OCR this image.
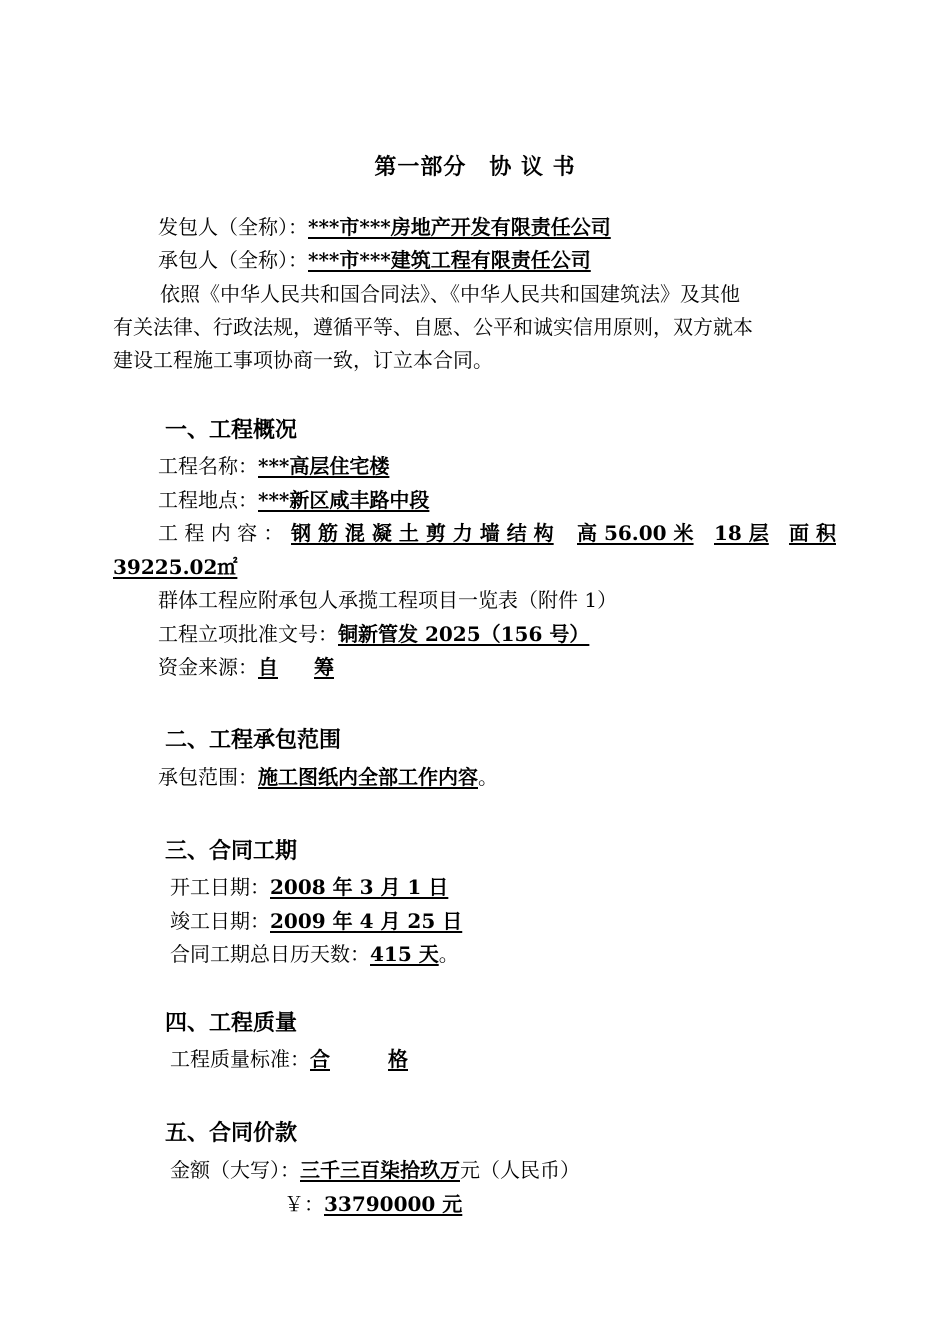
第一部分　协 议 书
发包人（全称）：***市***房地产开发有限责任公司
承包人（全称）：***市***建筑工程有限责任公司
依照《中华人民共和国合同法》、《中华人民共和国建筑法》及其他
有关法律、行政法规，遵循平等、自愿、公平和诚实信用原则，双方就本
建设工程施工事项协商一致，订立本合同。
一、工程概况
工程名称：***高层住宅楼
工程地点：***新区咸丰路中段
工 程 内 容 ： 钢 筋 混 凝 土 剪 力 墙 结 构 高 56.00 米 18 层 面 积
39225.02㎡
群体工程应附承包人承揽工程项目一览表（附件 1）
工程立项批准文号：铜新管发 2025（156 号）
资金来源：自 筹
二、工程承包范围
承包范围：施工图纸内全部工作内容。
三、合同工期
开工日期：2008 年 3 月 1 日
竣工日期：2009 年 4 月 25 日
合同工期总日历天数：415 天。
四、工程质量
工程质量标准：合	格
五、合同价款
金额（大写）：三千三百柒拾玖万元（人民币）
￥：33790000 元
